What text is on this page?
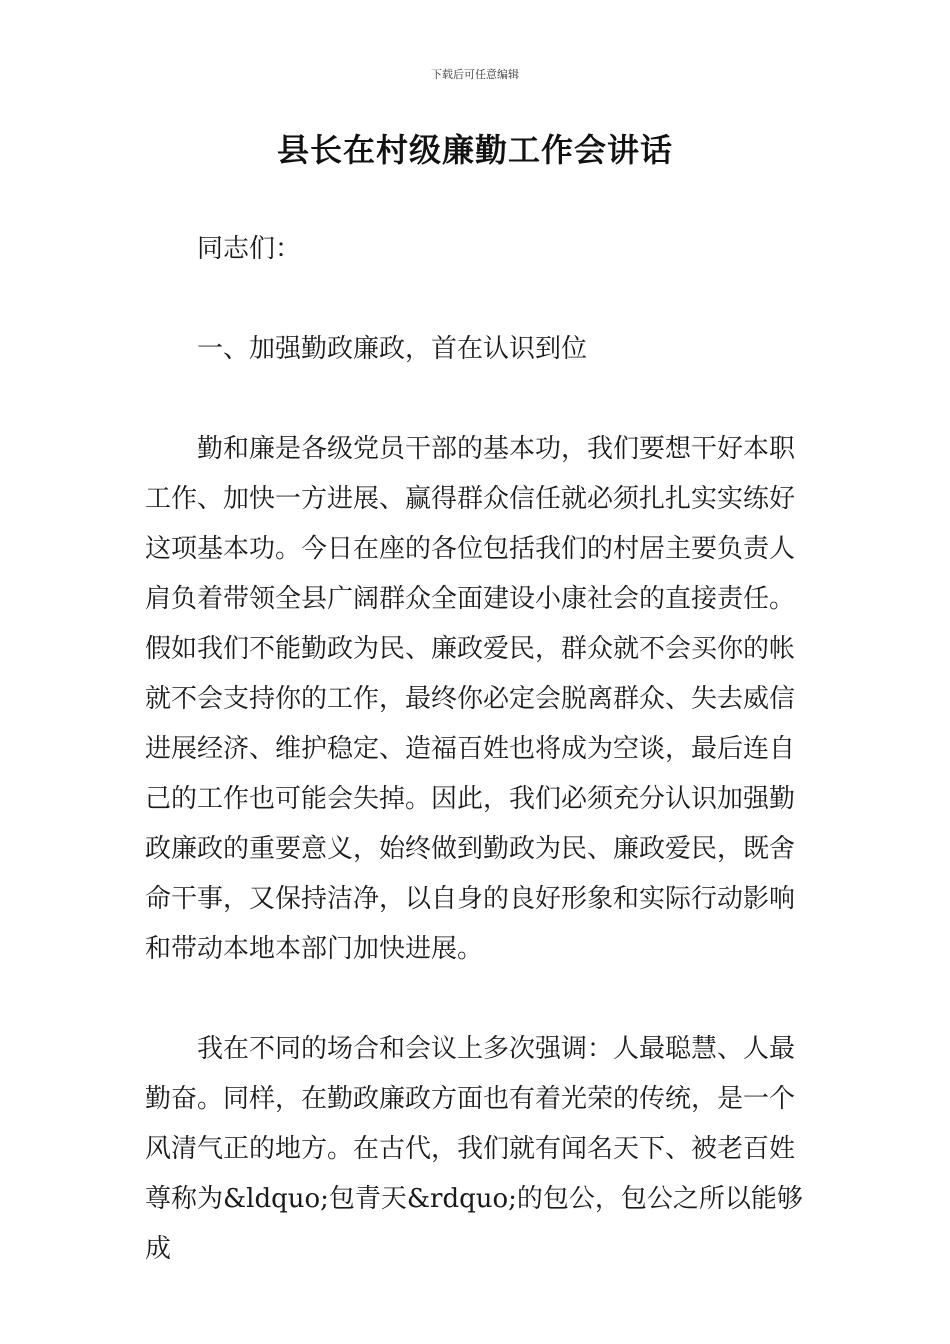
下载后可任意编辑
县长在村级廉勤工作会讲话

同志们：

一、加强勤政廉政，首在认识到位

勤和廉是各级党员干部的基本功，我们要想干好本职工作、加快一方进展、赢得群众信任就必须扎扎实实练好这项基本功。今日在座的各位包括我们的村居主要负责人肩负着带领全县广阔群众全面建设小康社会的直接责任。假如我们不能勤政为民、廉政爱民，群众就不会买你的帐就不会支持你的工作，最终你必定会脱离群众、失去威信进展经济、维护稳定、造福百姓也将成为空谈，最后连自己的工作也可能会失掉。因此，我们必须充分认识加强勤政廉政的重要意义，始终做到勤政为民、廉政爱民，既舍命干事，又保持洁净，以自身的良好形象和实际行动影响和带动本地本部门加快进展。

我在不同的场合和会议上多次强调：人最聪慧、人最勤奋。同样，在勤政廉政方面也有着光荣的传统，是一个风清气正的地方。在古代，我们就有闻名天下、被老百姓尊称为&ldquo;包青天&rdquo;的包公，包公之所以能够成
